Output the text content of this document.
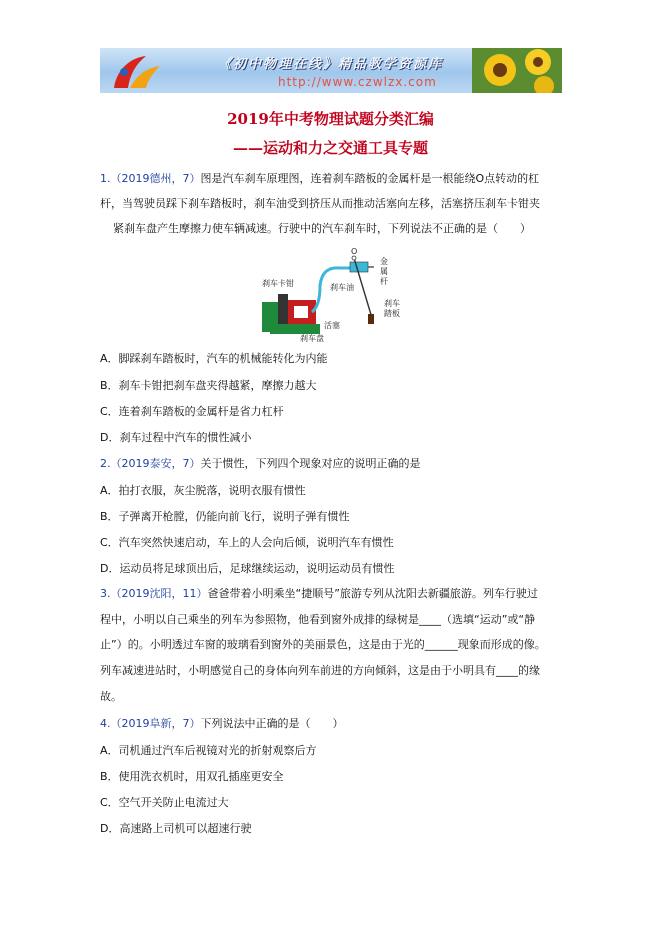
《初中物理在线》精品教学资源库
http://www.czwlzx.com
2019年中考物理试题分类汇编
——运动和力之交通工具专题
1.（2019德州，7）图是汽车刹车原理图，连着刹车踏板的金属杆是一根能绕O点转动的杠
杆，当驾驶员踩下刹车踏板时，刹车油受到挤压从而推动活塞向左移，活塞挤压刹车卡钳夹
紧刹车盘产生摩擦力使车辆减速。行驶中的汽车刹车时，下列说法不正确的是（　　）
O
刹车卡钳	刹车油
金
属
杆
刹车
踏板
活塞
刹车盘
A．脚踩刹车踏板时，汽车的机械能转化为内能
B．刹车卡钳把刹车盘夹得越紧，摩擦力越大
C．连着刹车踏板的金属杆是省力杠杆
D．刹车过程中汽车的惯性减小
2.（2019泰安，7）关于惯性，下列四个现象对应的说明正确的是
A．拍打衣服，灰尘脱落，说明衣服有惯性
B．子弹离开枪膛，仍能向前飞行，说明子弹有惯性
C．汽车突然快速启动，车上的人会向后倾，说明汽车有惯性
D．运动员将足球顶出后，足球继续运动，说明运动员有惯性
3.（2019沈阳，11）爸爸带着小明乘坐“捷顺号”旅游专列从沈阳去新疆旅游。列车行驶过
程中，小明以自己乘坐的列车为参照物，他看到窗外成排的绿树是____（选填“运动”或“静
止”）的。小明透过车窗的玻璃看到窗外的美丽景色，这是由于光的______现象而形成的像。
列车减速进站时，小明感觉自己的身体向列车前进的方向倾斜，这是由于小明具有____的缘
故。
4.（2019阜新，7）下列说法中正确的是（　　）
A．司机通过汽车后视镜对光的折射观察后方
B．使用洗衣机时，用双孔插座更安全
C．空气开关防止电流过大
D．高速路上司机可以超速行驶
